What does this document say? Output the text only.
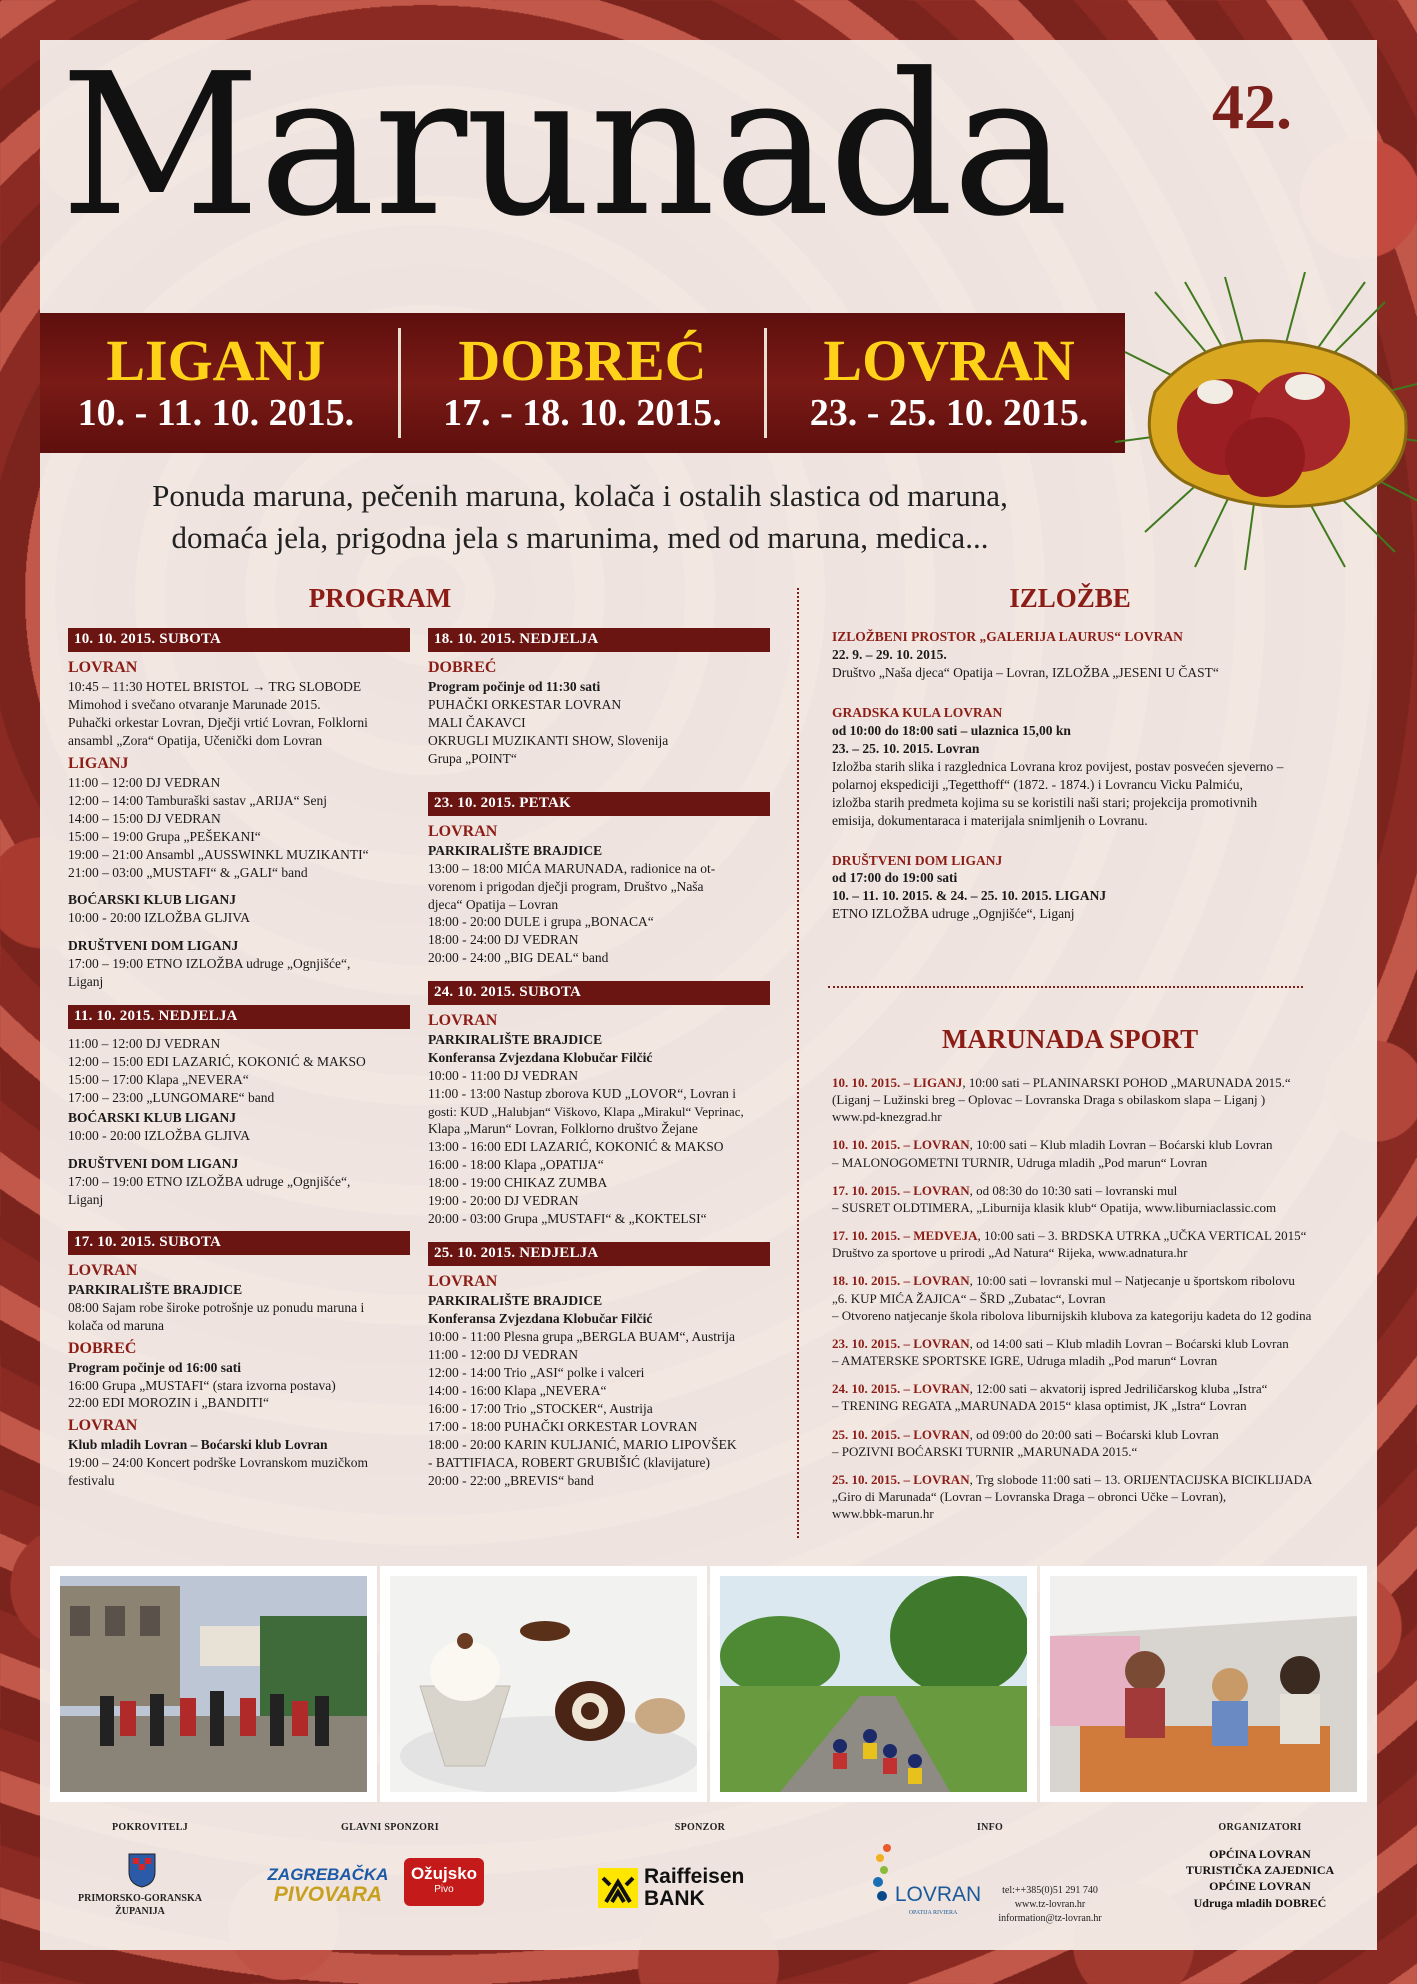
Marunada 42.
LIGANJ
10. - 11. 10. 2015.
DOBREĆ
17. - 18. 10. 2015.
LOVRAN
23. - 25. 10. 2015.
Ponuda maruna, pečenih maruna, kolača i ostalih slastica od maruna,
domaća jela, prigodna jela s marunima, med od maruna, medica...
PROGRAM	IZLOŽBE
10. 10. 2015. SUBOTA
LOVRAN
10:45 – 11:30 HOTEL BRISTOL → TRG SLOBODE
Mimohod i svečano otvaranje Marunade 2015.
Puhački orkestar Lovran, Dječji vrtić Lovran, Folklorni
ansambl „Zora“ Opatija, Učenički dom Lovran
LIGANJ
11:00 – 12:00 DJ VEDRAN
12:00 – 14:00 Tamburaški sastav „ARIJA“ Senj
14:00 – 15:00 DJ VEDRAN
15:00 – 19:00 Grupa „PEŠEKANI“
19:00 – 21:00 Ansambl „AUSSWINKL MUZIKANTI“
21:00 – 03:00 „MUSTAFI“ & „GALI“ band
BOĆARSKI KLUB LIGANJ
10:00 - 20:00 IZLOŽBA GLJIVA
DRUŠTVENI DOM LIGANJ
17:00 – 19:00 ETNO IZLOŽBA udruge „Ognjišće“,
Liganj
11. 10. 2015. NEDJELJA
11:00 – 12:00 DJ VEDRAN
12:00 – 15:00 EDI LAZARIĆ, KOKONIĆ & MAKSO
15:00 – 17:00 Klapa „NEVERA“
17:00 – 23:00 „LUNGOMARE“ band
BOĆARSKI KLUB LIGANJ
10:00 - 20:00 IZLOŽBA GLJIVA
DRUŠTVENI DOM LIGANJ
17:00 – 19:00 ETNO IZLOŽBA udruge „Ognjišće“,
Liganj
17. 10. 2015. SUBOTA
LOVRAN
PARKIRALIŠTE BRAJDICE
08:00 Sajam robe široke potrošnje uz ponudu maruna i
kolača od maruna
DOBREĆ
Program počinje od 16:00 sati
16:00 Grupa „MUSTAFI“ (stara izvorna postava)
22:00 EDI MOROZIN i „BANDITI“
LOVRAN
Klub mladih Lovran – Boćarski klub Lovran
19:00 – 24:00 Koncert podrške Lovranskom muzičkom
festivalu
18. 10. 2015. NEDJELJA
DOBREĆ
Program počinje od 11:30 sati
PUHAČKI ORKESTAR LOVRAN
MALI ČAKAVCI
OKRUGLI MUZIKANTI SHOW, Slovenija
Grupa „POINT“
23. 10. 2015. PETAK
LOVRAN
PARKIRALIŠTE BRAJDICE
13:00 – 18:00 MIĆA MARUNADA, radionice na ot-
vorenom i prigodan dječji program, Društvo „Naša
djeca“ Opatija – Lovran
18:00 - 20:00 DULE i grupa „BONACA“
18:00 - 24:00 DJ VEDRAN
20:00 - 24:00 „BIG DEAL“ band
24. 10. 2015. SUBOTA
LOVRAN
PARKIRALIŠTE BRAJDICE
Konferansa Zvjezdana Klobučar Filčić
10:00 - 11:00 DJ VEDRAN
11:00 - 13:00 Nastup zborova KUD „LOVOR“, Lovran i
gosti: KUD „Halubjan“ Viškovo, Klapa „Mirakul“ Veprinac,
Klapa „Marun“ Lovran, Folklorno društvo Žejane
13:00 - 16:00 EDI LAZARIĆ, KOKONIĆ & MAKSO
16:00 - 18:00 Klapa „OPATIJA“
18:00 - 19:00 CHIKAZ ZUMBA
19:00 - 20:00 DJ VEDRAN
20:00 - 03:00 Grupa „MUSTAFI“ & „KOKTELSI“
25. 10. 2015. NEDJELJA
LOVRAN
PARKIRALIŠTE BRAJDICE
Konferansa Zvjezdana Klobučar Filčić
10:00 - 11:00 Plesna grupa „BERGLA BUAM“, Austrija
11:00 - 12:00 DJ VEDRAN
12:00 - 14:00 Trio „ASI“ polke i valceri
14:00 - 16:00 Klapa „NEVERA“
16:00 - 17:00 Trio „STOCKER“, Austrija
17:00 - 18:00 PUHAČKI ORKESTAR LOVRAN
18:00 - 20:00 KARIN KULJANIĆ, MARIO LIPOVŠEK
- BATTIFIACA, ROBERT GRUBIŠIĆ (klavijature)
20:00 - 22:00 „BREVIS“ band
IZLOŽBENI PROSTOR „GALERIJA LAURUS“ LOVRAN
22. 9. – 29. 10. 2015.
Društvo „Naša djeca“ Opatija – Lovran, IZLOŽBA „JESENI U ČAST“
GRADSKA KULA LOVRAN
od 10:00 do 18:00 sati – ulaznica 15,00 kn
23. – 25. 10. 2015. Lovran
Izložba starih slika i razglednica Lovrana kroz povijest, postav posvećen sjeverno –
polarnoj ekspediciji „Tegetthoff“ (1872. - 1874.) i Lovrancu Vicku Palmiću,
izložba starih predmeta kojima su se koristili naši stari; projekcija promotivnih
emisija, dokumentaraca i materijala snimljenih o Lovranu.
DRUŠTVENI DOM LIGANJ
od 17:00 do 19:00 sati
10. – 11. 10. 2015. & 24. – 25. 10. 2015. LIGANJ
ETNO IZLOŽBA udruge „Ognjišće“, Liganj
MARUNADA SPORT
10. 10. 2015. – LIGANJ, 10:00 sati – PLANINARSKI POHOD „MARUNADA 2015.“
(Liganj – Lužinski breg – Oplovac – Lovranska Draga s obilaskom slapa – Liganj )
www.pd-knezgrad.hr
10. 10. 2015. – LOVRAN, 10:00 sati – Klub mladih Lovran – Boćarski klub Lovran
– MALONOGOMETNI TURNIR, Udruga mladih „Pod marun“ Lovran
17. 10. 2015. – LOVRAN, od 08:30 do 10:30 sati – lovranski mul
– SUSRET OLDTIMERA, „Liburnija klasik klub“ Opatija, www.liburniaclassic.com
17. 10. 2015. – MEDVEJA, 10:00 sati – 3. BRDSKA UTRKA „UČKA VERTICAL 2015“
Društvo za sportove u prirodi „Ad Natura“ Rijeka, www.adnatura.hr
18. 10. 2015. – LOVRAN, 10:00 sati – lovranski mul – Natjecanje u športskom ribolovu
„6. KUP MIĆA ŽAJICA“ – ŠRD „Zubatac“, Lovran
– Otvoreno natjecanje škola ribolova liburnijskih klubova za kategoriju kadeta do 12 godina
23. 10. 2015. – LOVRAN, od 14:00 sati – Klub mladih Lovran – Boćarski klub Lovran
– AMATERSKE SPORTSKE IGRE, Udruga mladih „Pod marun“ Lovran
24. 10. 2015. – LOVRAN, 12:00 sati – akvatorij ispred Jedriličarskog kluba „Istra“
– TRENING REGATA „MARUNADA 2015“ klasa optimist, JK „Istra“ Lovran
25. 10. 2015. – LOVRAN, od 09:00 do 20:00 sati – Boćarski klub Lovran
– POZIVNI BOĆARSKI TURNIR „MARUNADA 2015.“
25. 10. 2015. – LOVRAN, Trg slobode 11:00 sati – 13. ORIJENTACIJSKA BICIKLIJADA
„Giro di Marunada“ (Lovran – Lovranska Draga – obronci Učke – Lovran),
www.bbk-marun.hr
POKROVITELJ
PRIMORSKO-GORANSKA
ŽUPANIJA
GLAVNI SPONZORI
ZAGREBAČKA
PIVOVARA
Ožujsko
Pivo
SPONZOR
Raiffeisen
BANK
INFO
LOVRAN
OPATIJA RIVIERA
tel:++385(0)51 291 740
www.tz-lovran.hr
information@tz-lovran.hr
ORGANIZATORI
OPĆINA LOVRAN
TURISTIČKA ZAJEDNICA
OPĆINE LOVRAN
Udruga mladih DOBREĆ
